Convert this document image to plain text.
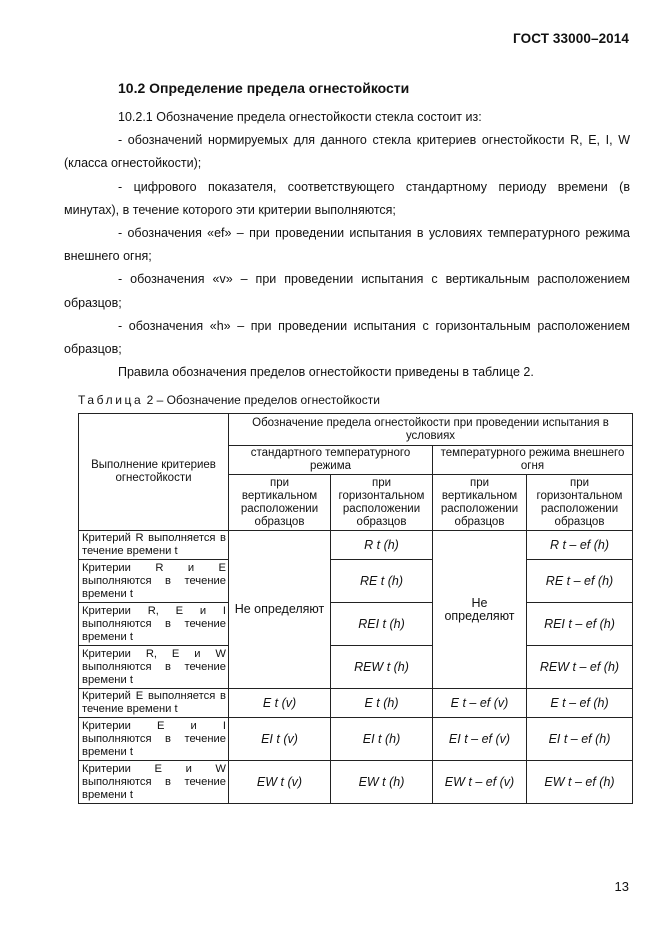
ГОСТ 33000–2014
10.2 Определение предела огнестойкости

10.2.1 Обозначение предела огнестойкости стекла состоит из:

- обозначений нормируемых для данного стекла критериев огнестойкости R, E, I, W (класса огнестойкости);

- цифрового показателя, соответствующего стандартному периоду времени (в минутах), в течение которого эти критерии выполняются;

- обозначения «ef» – при проведении испытания в условиях температурного режима внешнего огня;

- обозначения «v» – при проведении испытания с вертикальным расположением образцов;

- обозначения «h» – при проведении испытания с горизонтальным расположением образцов;

Правила обозначения пределов огнестойкости приведены в таблице 2.

Таблица 2 – Обозначение пределов огнестойкости
Выполнение критериев огнестойкости	Обозначение предела огнестойкости при проведении испытания в условиях			
	стандартного температурного режима		температурного режима внешнего огня	
	при вертикальном расположении образцов	при горизонтальном расположении образцов	при вертикальном расположении образцов	при горизонтальном расположении образцов
Критерий R выполняется в течение времени t	Не определяют	R t (h)	Не определяют	R t – ef (h)
Критерии R и E выполняются в течение времени t		RE t (h)		RE t – ef (h)
Критерии R, E и I выполняются в течение времени t		REI t (h)		REI t – ef (h)
Критерии R, E и W выполняются в течение времени t		REW t (h)		REW t – ef (h)
Критерий E выполняется в течение времени t	E t (v)	E t (h)	E t – ef (v)	E t – ef (h)
Критерии E и I выполняются в течение времени t	EI t (v)	EI t (h)	EI t – ef (v)	EI t – ef (h)
Критерии E и W выполняются в течение времени t	EW t (v)	EW t (h)	EW t – ef (v)	EW t – ef (h)
13
